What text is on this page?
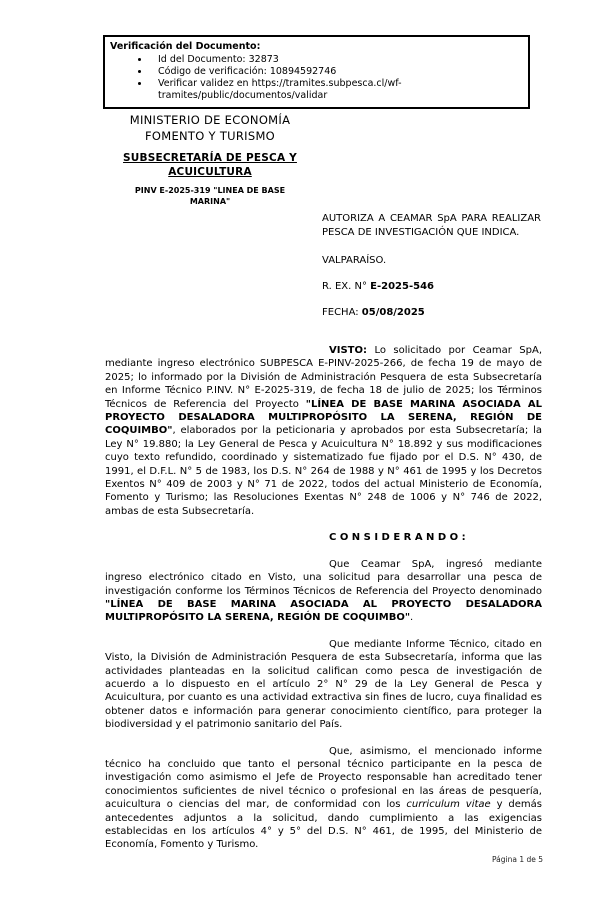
Verificación del Documento:
• Id del Documento: 32873
• Código de verificación: 10894592746
• Verificar validez en https://tramites.subpesca.cl/wf-tramites/public/documentos/validar
MINISTERIO DE ECONOMÍA
FOMENTO Y TURISMO
SUBSECRETARÍA DE PESCA Y ACUICULTURA
PINV E-2025-319 "LINEA DE BASE MARINA"
AUTORIZA A CEAMAR SpA PARA REALIZAR PESCA DE INVESTIGACIÓN QUE INDICA.
VALPARAÍSO.
R. EX. N° E-2025-546
FECHA: 05/08/2025

VISTO: Lo solicitado por Ceamar SpA, mediante ingreso electrónico SUBPESCA E-PINV-2025-266, de fecha 19 de mayo de 2025; lo informado por la División de Administración Pesquera de esta Subsecretaría en Informe Técnico P.INV. N° E-2025-319, de fecha 18 de julio de 2025; los Términos Técnicos de Referencia del Proyecto "LÍNEA DE BASE MARINA ASOCIADA AL PROYECTO DESALADORA MULTIPROPÓSITO LA SERENA, REGIÓN DE COQUIMBO", elaborados por la peticionaria y aprobados por esta Subsecretaría; la Ley N° 19.880; la Ley General de Pesca y Acuicultura N° 18.892 y sus modificaciones cuyo texto refundido, coordinado y sistematizado fue fijado por el D.S. N° 430, de 1991, el D.F.L. N° 5 de 1983, los D.S. N° 264 de 1988 y N° 461 de 1995 y los Decretos Exentos N° 409 de 2003 y N° 71 de 2022, todos del actual Ministerio de Economía, Fomento y Turismo; las Resoluciones Exentas N° 248 de 1006 y N° 746 de 2022, ambas de esta Subsecretaría.

C O N S I D E R A N D O :

Que Ceamar SpA, ingresó mediante ingreso electrónico citado en Visto, una solicitud para desarrollar una pesca de investigación conforme los Términos Técnicos de Referencia del Proyecto denominado "LÍNEA DE BASE MARINA ASOCIADA AL PROYECTO DESALADORA MULTIPROPÓSITO LA SERENA, REGIÓN DE COQUIMBO".

Que mediante Informe Técnico, citado en Visto, la División de Administración Pesquera de esta Subsecretaría, informa que las actividades planteadas en la solicitud califican como pesca de investigación de acuerdo a lo dispuesto en el artículo 2° N° 29 de la Ley General de Pesca y Acuicultura, por cuanto es una actividad extractiva sin fines de lucro, cuya finalidad es obtener datos e información para generar conocimiento científico, para proteger la biodiversidad y el patrimonio sanitario del País.

Que, asimismo, el mencionado informe técnico ha concluido que tanto el personal técnico participante en la pesca de investigación como asimismo el Jefe de Proyecto responsable han acreditado tener conocimientos suficientes de nivel técnico o profesional en las áreas de pesquería, acuicultura o ciencias del mar, de conformidad con los curriculum vitae y demás antecedentes adjuntos a la solicitud, dando cumplimiento a las exigencias establecidas en los artículos 4° y 5° del D.S. N° 461, de 1995, del Ministerio de Economía, Fomento y Turismo.

Página 1 de 5
